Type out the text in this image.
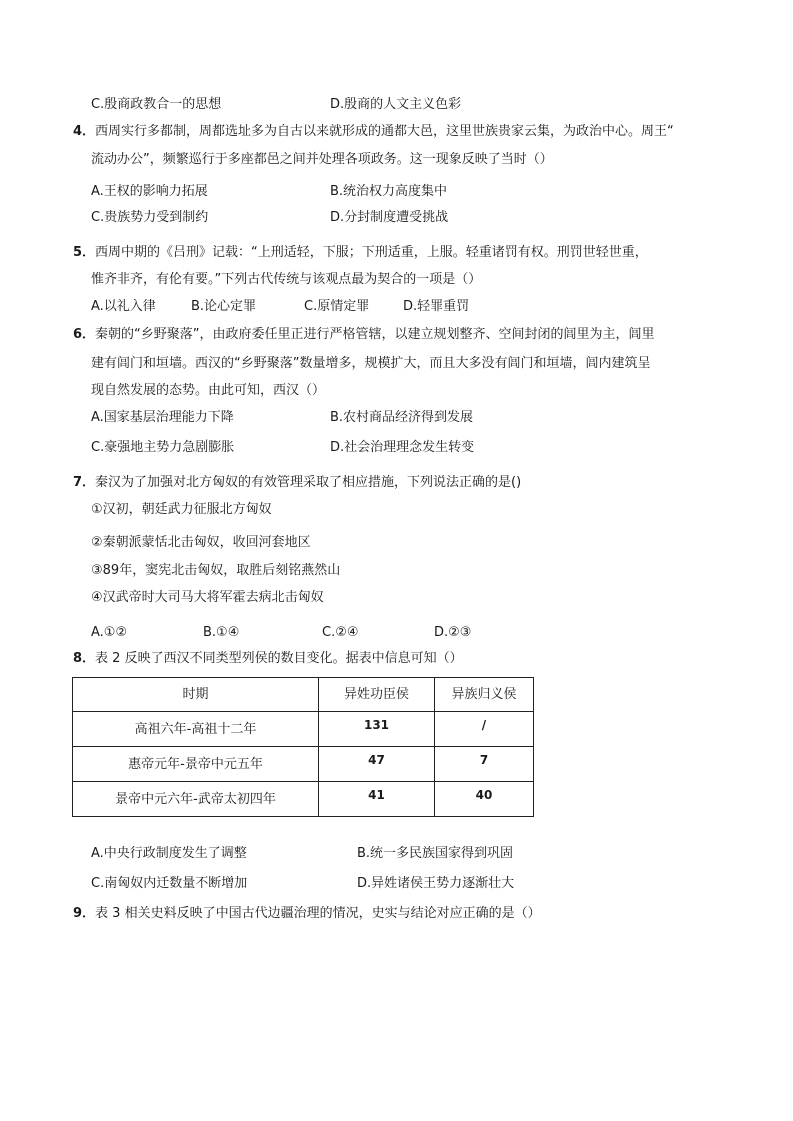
C.殷商政教合一的思想	D.殷商的人文主义色彩
4．西周实行多都制，周都选址多为自古以来就形成的通都大邑，这里世族贵家云集，为政治中心。周王“
流动办公”，频繁巡行于多座都邑之间并处理各项政务。这一现象反映了当时（）
A.王权的影响力拓展	B.统治权力高度集中
C.贵族势力受到制约	D.分封制度遭受挑战
5．西周中期的《吕刑》记载：“上刑适轻，下服；下刑适重，上服。轻重诸罚有权。刑罚世轻世重，
惟齐非齐，有伦有要。”下列古代传统与该观点最为契合的一项是（）
A.以礼入律	B.论心定罪	C.原情定罪	D.轻罪重罚
6．秦朝的“乡野聚落”，由政府委任里正进行严格管辖，以建立规划整齐、空间封闭的闾里为主，闾里
建有闾门和垣墙。西汉的“乡野聚落”数量增多，规模扩大，而且大多没有闾门和垣墙，闾内建筑呈
现自然发展的态势。由此可知，西汉（）
A.国家基层治理能力下降	B.农村商品经济得到发展
C.豪强地主势力急剧膨胀	D.社会治理理念发生转变
7．秦汉为了加强对北方匈奴的有效管理采取了相应措施，下列说法正确的是()
①汉初，朝廷武力征服北方匈奴
②秦朝派蒙恬北击匈奴，收回河套地区
③89年，窦宪北击匈奴，取胜后刻铭燕然山
④汉武帝时大司马大将军霍去病北击匈奴
A.①②	B.①④	C.②④	D.②③
8．表 2 反映了西汉不同类型列侯的数目变化。据表中信息可知（）
时期	异姓功臣侯	异族归义侯
高祖六年-高祖十二年	131	/
惠帝元年-景帝中元五年	47	7
景帝中元六年-武帝太初四年	41	40
A.中央行政制度发生了调整	B.统一多民族国家得到巩固
C.南匈奴内迁数量不断增加	D.异姓诸侯王势力逐渐壮大
9．表 3 相关史料反映了中国古代边疆治理的情况，史实与结论对应正确的是（）
